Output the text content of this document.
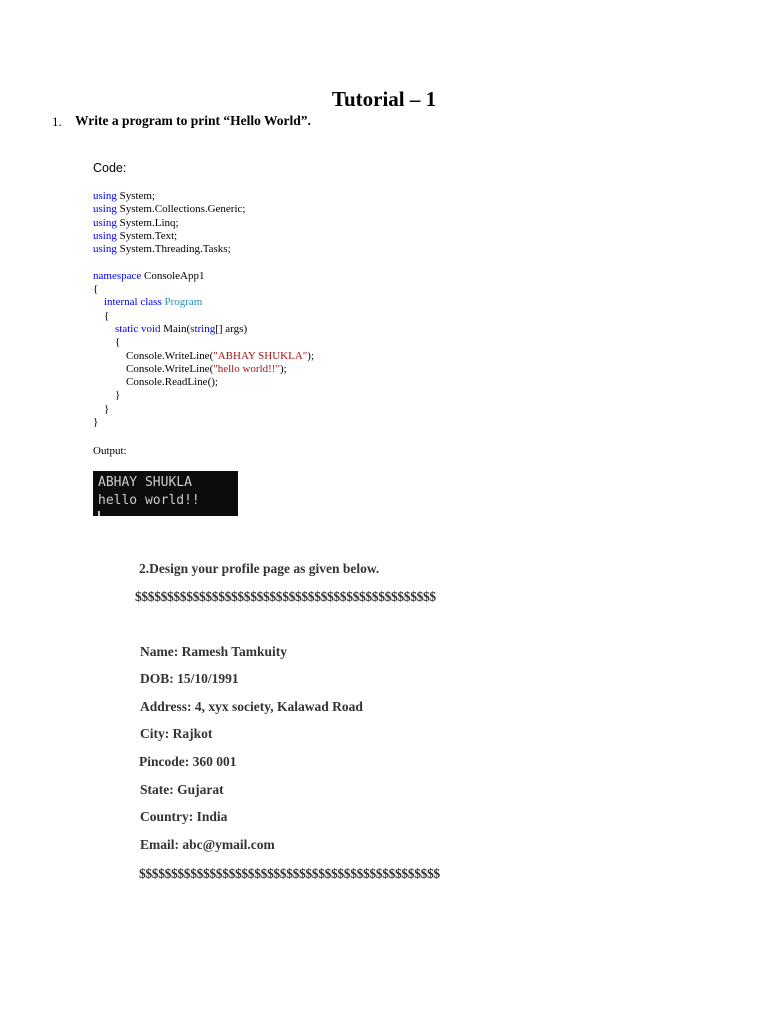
Tutorial – 1
1. Write a program to print “Hello World”.
Code:
using System;
using System.Collections.Generic;
using System.Linq;
using System.Text;
using System.Threading.Tasks;
namespace ConsoleApp1
{
internal class Program
{
static void Main(string[] args)
{
Console.WriteLine("ABHAY SHUKLA");
Console.WriteLine("hello world!!");
Console.ReadLine();
}
}
}
Output:
ABHAY SHUKLA
hello world!!
2.Design your profile page as given below.
$$$$$$$$$$$$$$$$$$$$$$$$$$$$$$$$$$$$$$$$$$$$$$$
Name: Ramesh Tamkuity
DOB: 15/10/1991
Address: 4, xyx society, Kalawad Road
City: Rajkot
Pincode: 360 001
State: Gujarat
Country: India
Email: abc@ymail.com
$$$$$$$$$$$$$$$$$$$$$$$$$$$$$$$$$$$$$$$$$$$$$$$
